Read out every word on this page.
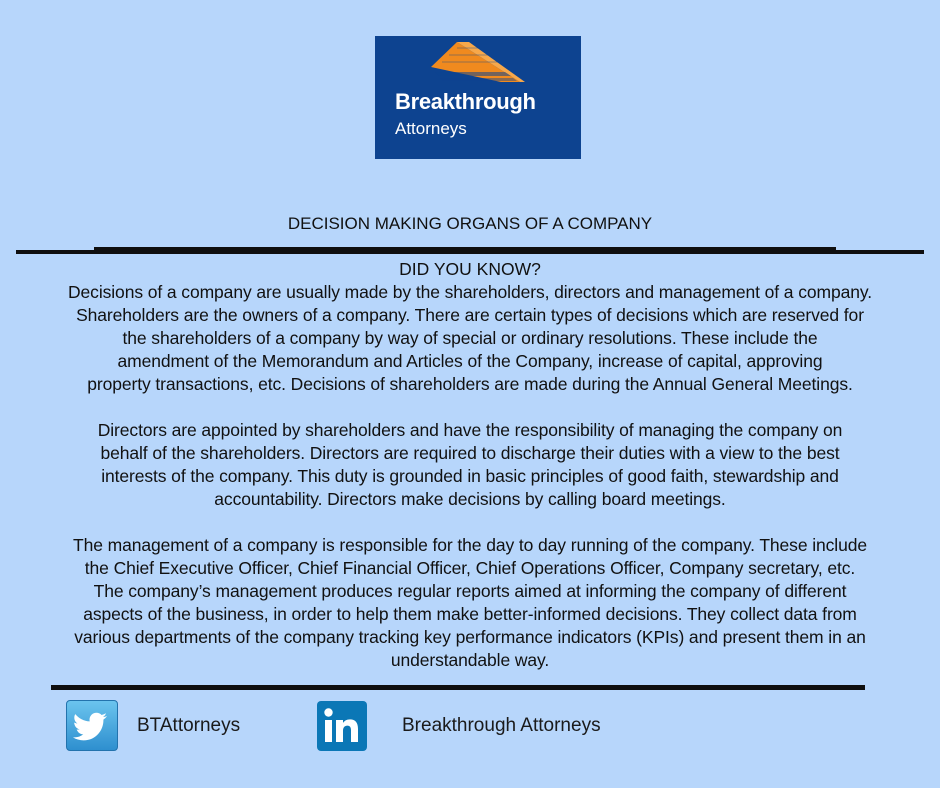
Breakthrough
Attorneys
DECISION MAKING ORGANS OF A COMPANY
DID YOU KNOW?

Decisions of a company are usually made by the shareholders, directors and management of a company.
Shareholders are the owners of a company. There are certain types of decisions which are reserved for
the shareholders of a company by way of special or ordinary resolutions. These include the
amendment of the Memorandum and Articles of the Company, increase of capital, approving
property transactions, etc. Decisions of shareholders are made during the Annual General Meetings.

Directors are appointed by shareholders and have the responsibility of managing the company on
behalf of the shareholders. Directors are required to discharge their duties with a view to the best
interests of the company. This duty is grounded in basic principles of good faith, stewardship and
accountability. Directors make decisions by calling board meetings.

The management of a company is responsible for the day to day running of the company. These include
the Chief Executive Officer, Chief Financial Officer, Chief Operations Officer, Company secretary, etc.
The company’s management produces regular reports aimed at informing the company of different
aspects of the business, in order to help them make better-informed decisions. They collect data from
various departments of the company tracking key performance indicators (KPIs) and present them in an
understandable way.

BTAttorneys	Breakthrough Attorneys
